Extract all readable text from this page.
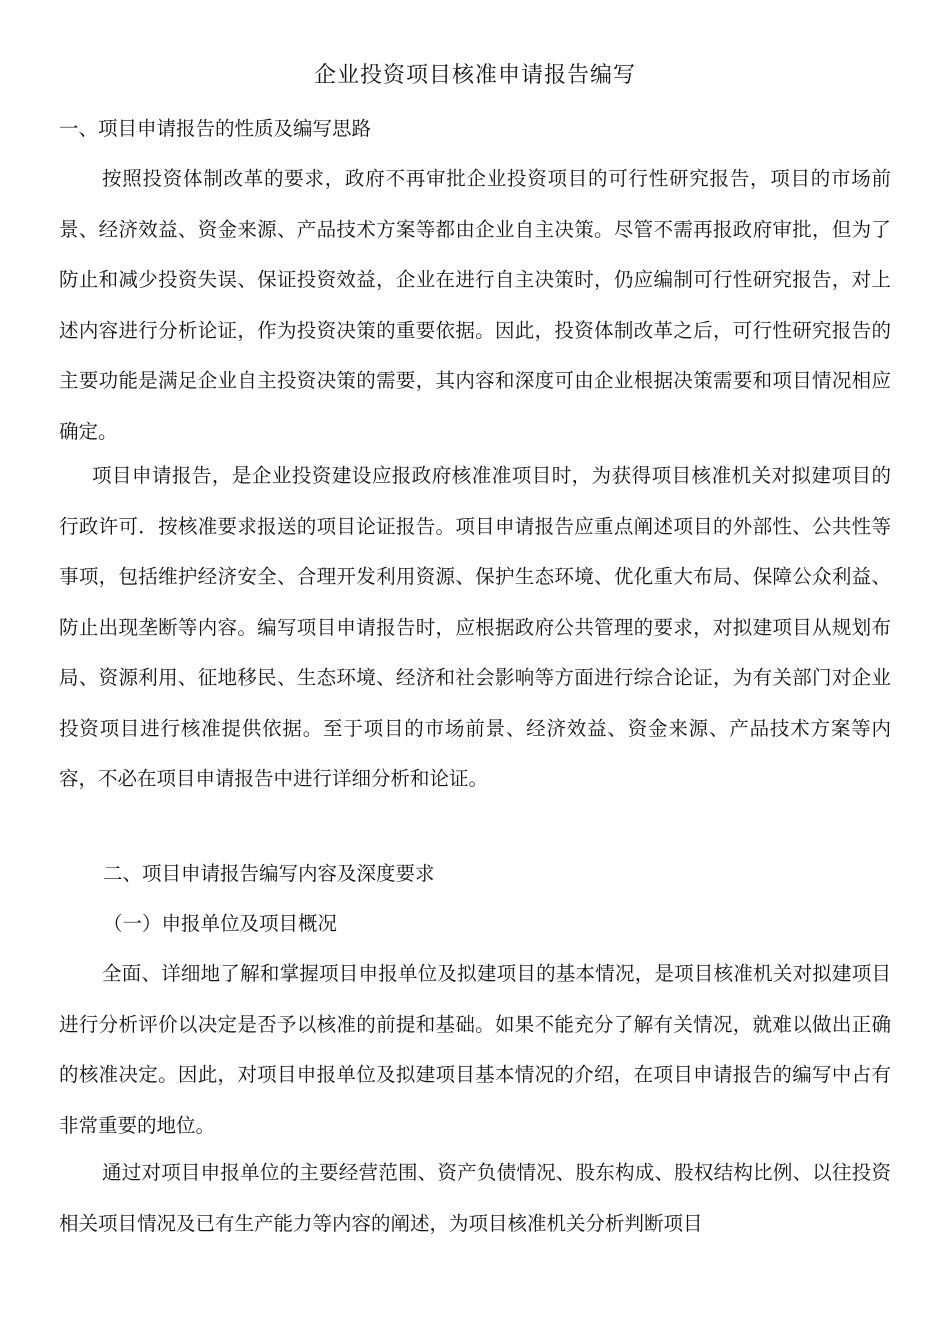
企业投资项目核准申请报告编写
一、项目申请报告的性质及编写思路
按照投资体制改革的要求，政府不再审批企业投资项目的可行性研究报告，项目的市场前景、经济效益、资金来源、产品技术方案等都由企业自主决策。尽管不需再报政府审批，但为了防止和减少投资失误、保证投资效益，企业在进行自主决策时，仍应编制可行性研究报告，对上述内容进行分析论证，作为投资决策的重要依据。因此，投资体制改革之后，可行性研究报告的主要功能是满足企业自主投资决策的需要，其内容和深度可由企业根据决策需要和项目情况相应确定。
项目申请报告，是企业投资建设应报政府核准准项目时，为获得项目核准机关对拟建项目的行政许可．按核准要求报送的项目论证报告。项目申请报告应重点阐述项目的外部性、公共性等事项，包括维护经济安全、合理开发利用资源、保护生态环境、优化重大布局、保障公众利益、防止出现垄断等内容。编写项目申请报告时，应根据政府公共管理的要求，对拟建项目从规划布局、资源利用、征地移民、生态环境、经济和社会影响等方面进行综合论证，为有关部门对企业投资项目进行核准提供依据。至于项目的市场前景、经济效益、资金来源、产品技术方案等内容，不必在项目申请报告中进行详细分析和论证。
二、项目申请报告编写内容及深度要求
（一）申报单位及项目概况
全面、详细地了解和掌握项目申报单位及拟建项目的基本情况，是项目核准机关对拟建项目进行分析评价以决定是否予以核准的前提和基础。如果不能充分了解有关情况，就难以做出正确的核准决定。因此，对项目申报单位及拟建项目基本情况的介绍，在项目申请报告的编写中占有非常重要的地位。
通过对项目申报单位的主要经营范围、资产负债情况、股东构成、股权结构比例、以往投资相关项目情况及已有生产能力等内容的阐述，为项目核准机关分析判断项目
